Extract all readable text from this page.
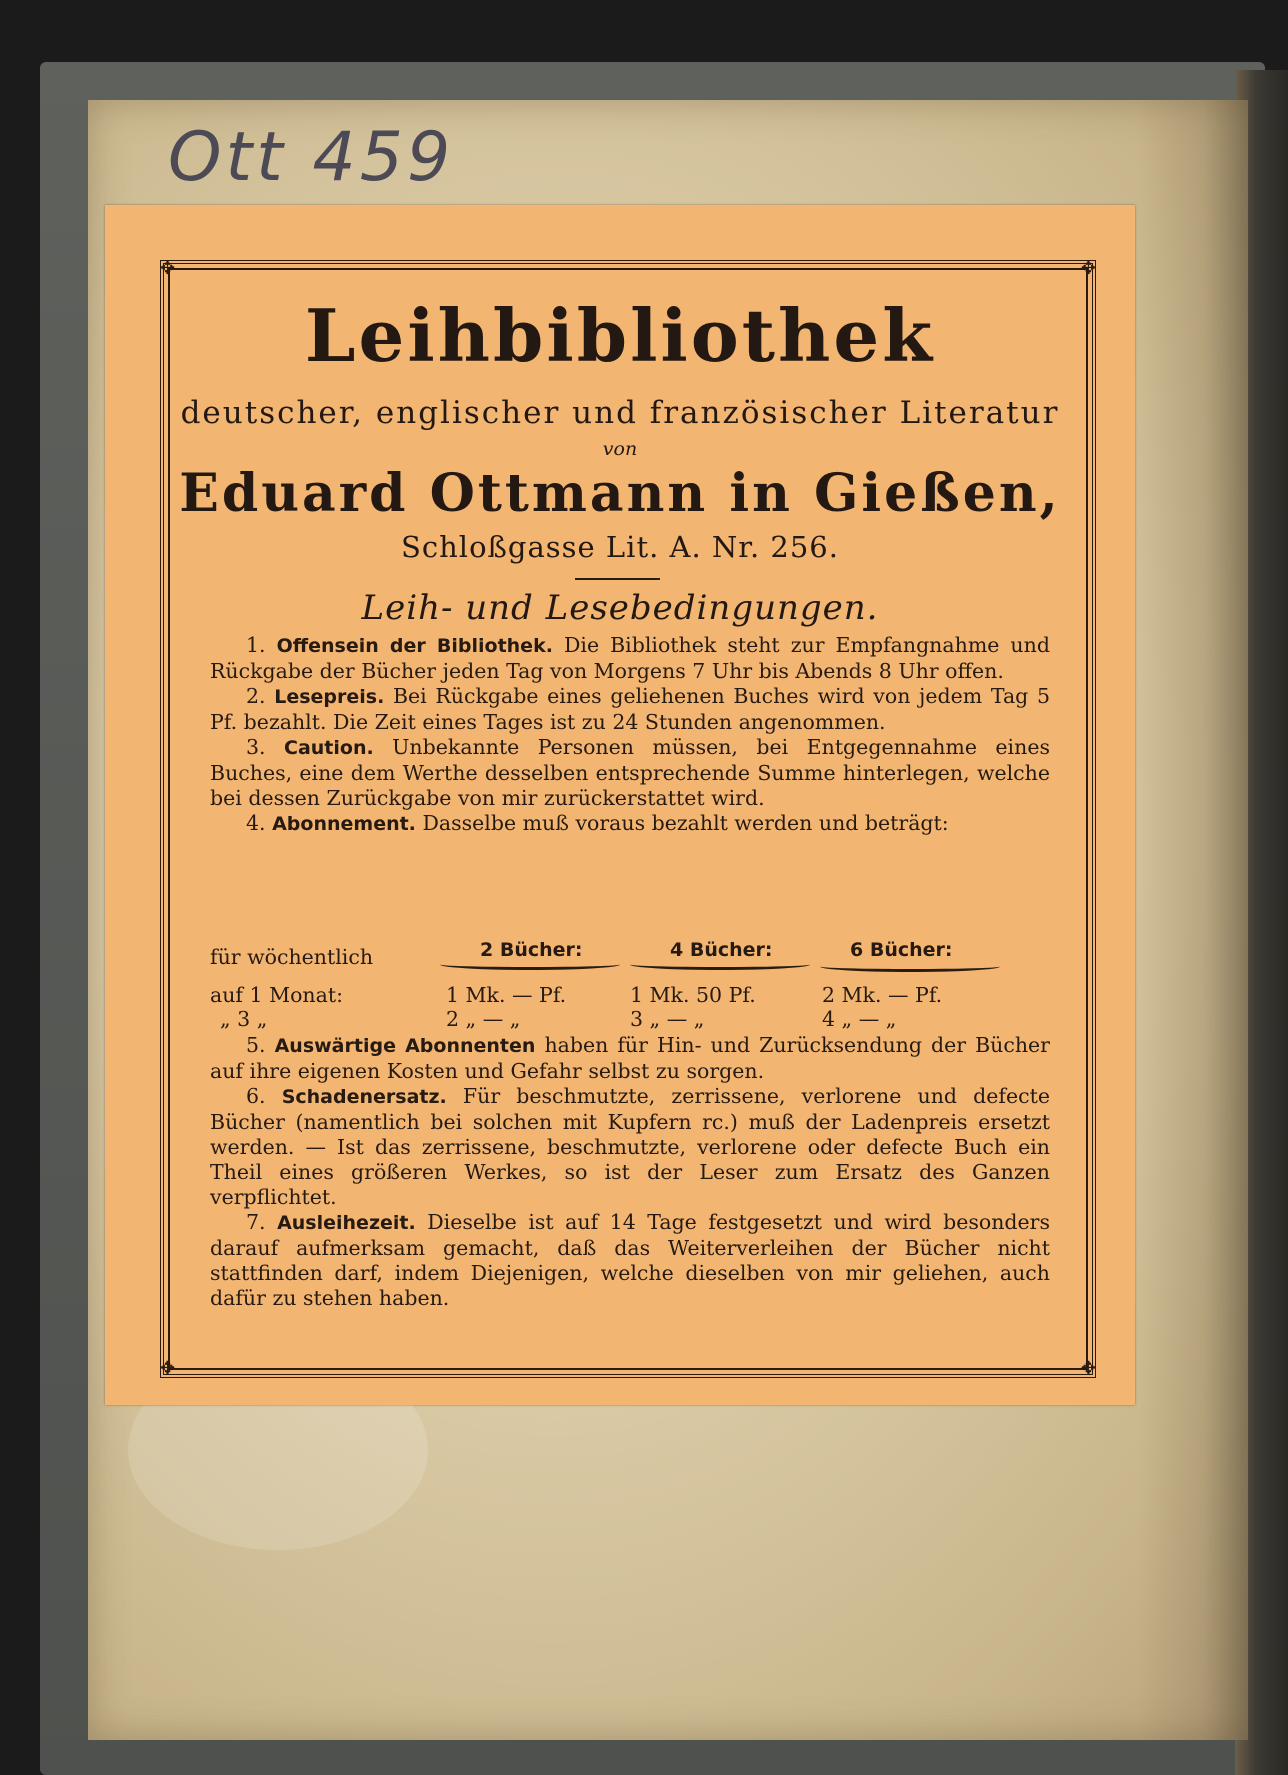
Ott 459
✥	✥
✥	✥
Leihbibliothek
deutscher, englischer und französischer Literatur
von
Eduard Ottmann in Gießen,
Schloßgasse Lit. A. Nr. 256.
Leih- und Lesebedingungen.

1. Offensein der Bibliothek. Die Bibliothek steht zur Empfangnahme und Rückgabe der Bücher jeden Tag von Morgens 7 Uhr bis Abends 8 Uhr offen.

2. Lesepreis. Bei Rückgabe eines geliehenen Buches wird von jedem Tag 5 Pf. bezahlt. Die Zeit eines Tages ist zu 24 Stunden angenommen.

3. Caution. Unbekannte Personen müssen, bei Entgegennahme eines Buches, eine dem Werthe desselben entsprechende Summe hinterlegen, welche bei dessen Zurückgabe von mir zurückerstattet wird.

4. Abonnement. Dasselbe muß voraus bezahlt werden und beträgt:

für wöchentlich	2 Bücher:	4 Bücher:	6 Bücher:
auf 1 Monat:	1 Mk. — Pf.	1 Mk. 50 Pf.	2 Mk. — Pf.
„ 3 „	2 „ — „	3 „ — „	4 „ — „

5. Auswärtige Abonnenten haben für Hin- und Zurücksendung der Bücher auf ihre eigenen Kosten und Gefahr selbst zu sorgen.

6. Schadenersatz. Für beschmutzte, zerrissene, verlorene und defecte Bücher (namentlich bei solchen mit Kupfern rc.) muß der Ladenpreis ersetzt werden. — Ist das zerrissene, beschmutzte, verlorene oder defecte Buch ein Theil eines größeren Werkes, so ist der Leser zum Ersatz des Ganzen verpflichtet.

7. Ausleihezeit. Dieselbe ist auf 14 Tage festgesetzt und wird besonders darauf aufmerksam gemacht, daß das Weiterverleihen der Bücher nicht stattfinden darf, indem Diejenigen, welche dieselben von mir geliehen, auch dafür zu stehen haben.
